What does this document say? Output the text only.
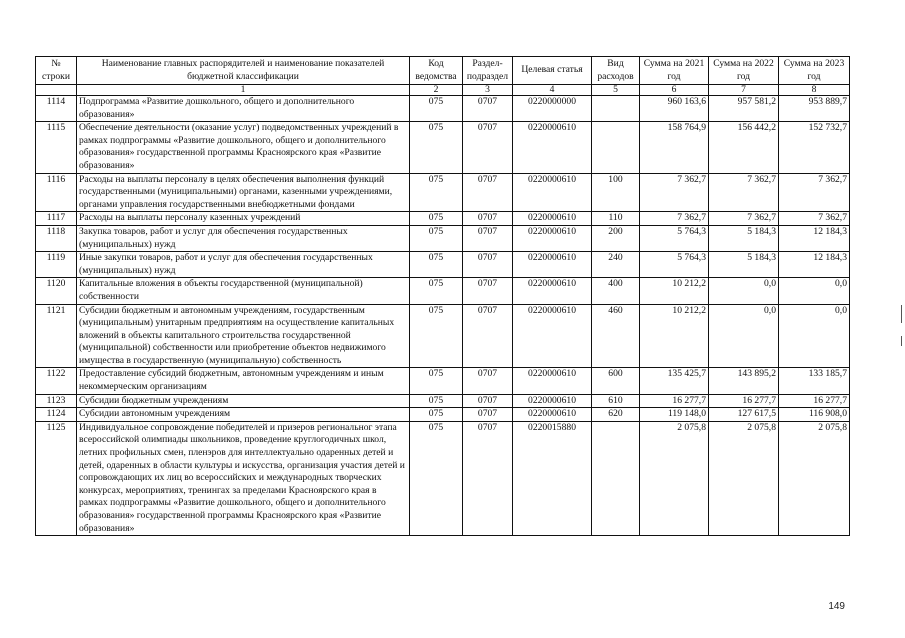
№ строки	Наименование главных распорядителей и наименование показателей бюджетной классификации	Код ведомства	Раздел-подраздел	Целевая статья	Вид расходов	Сумма на 2021 год	Сумма на 2022 год	Сумма на 2023 год
	1	2	3	4	5	6	7	8
1114	Подпрограмма «Развитие дошкольного, общего и дополнительного образования»	075	0707	0220000000		960 163,6	957 581,2	953 889,7
1115	Обеспечение деятельности (оказание услуг) подведомственных учреждений в рамках подпрограммы «Развитие дошкольного, общего и дополнительного образования» государственной программы Красноярского края «Развитие образования»	075	0707	0220000610		158 764,9	156 442,2	152 732,7
1116	Расходы на выплаты персоналу в целях обеспечения выполнения функций государственными (муниципальными) органами, казенными учреждениями, органами управления государственными внебюджетными фондами	075	0707	0220000610	100	7 362,7	7 362,7	7 362,7
1117	Расходы на выплаты персоналу казенных учреждений	075	0707	0220000610	110	7 362,7	7 362,7	7 362,7
1118	Закупка товаров, работ и услуг для обеспечения государственных (муниципальных) нужд	075	0707	0220000610	200	5 764,3	5 184,3	12 184,3
1119	Иные закупки товаров, работ и услуг для обеспечения государственных (муниципальных) нужд	075	0707	0220000610	240	5 764,3	5 184,3	12 184,3
1120	Капитальные вложения в объекты государственной (муниципальной) собственности	075	0707	0220000610	400	10 212,2	0,0	0,0
1121	Субсидии бюджетным и автономным учреждениям, государственным (муниципальным) унитарным предприятиям на осуществление капитальных вложений в объекты капитального строительства государственной (муниципальной) собственности или приобретение объектов недвижимого имущества в государственную (муниципальную) собственность	075	0707	0220000610	460	10 212,2	0,0	0,0
1122	Предоставление субсидий бюджетным, автономным учреждениям и иным некоммерческим организациям	075	0707	0220000610	600	135 425,7	143 895,2	133 185,7
1123	Субсидии бюджетным учреждениям	075	0707	0220000610	610	16 277,7	16 277,7	16 277,7
1124	Субсидии автономным учреждениям	075	0707	0220000610	620	119 148,0	127 617,5	116 908,0
1125	Индивидуальное сопровождение победителей и призеров региональног этапа всероссийской олимпиады школьников, проведение круглогодичных школ, летних профильных смен, пленэров для интеллектуально одаренных детей и детей, одаренных в области культуры и искусства, организация участия детей и сопровождающих их лиц во всероссийских и международных творческих конкурсах, мероприятиях, тренингах за пределами Красноярского края в рамках подпрограммы «Развитие дошкольного, общего и дополнительного образования» государственной программы Красноярского края «Развитие образования»	075	0707	0220015880		2 075,8	2 075,8	2 075,8
149
